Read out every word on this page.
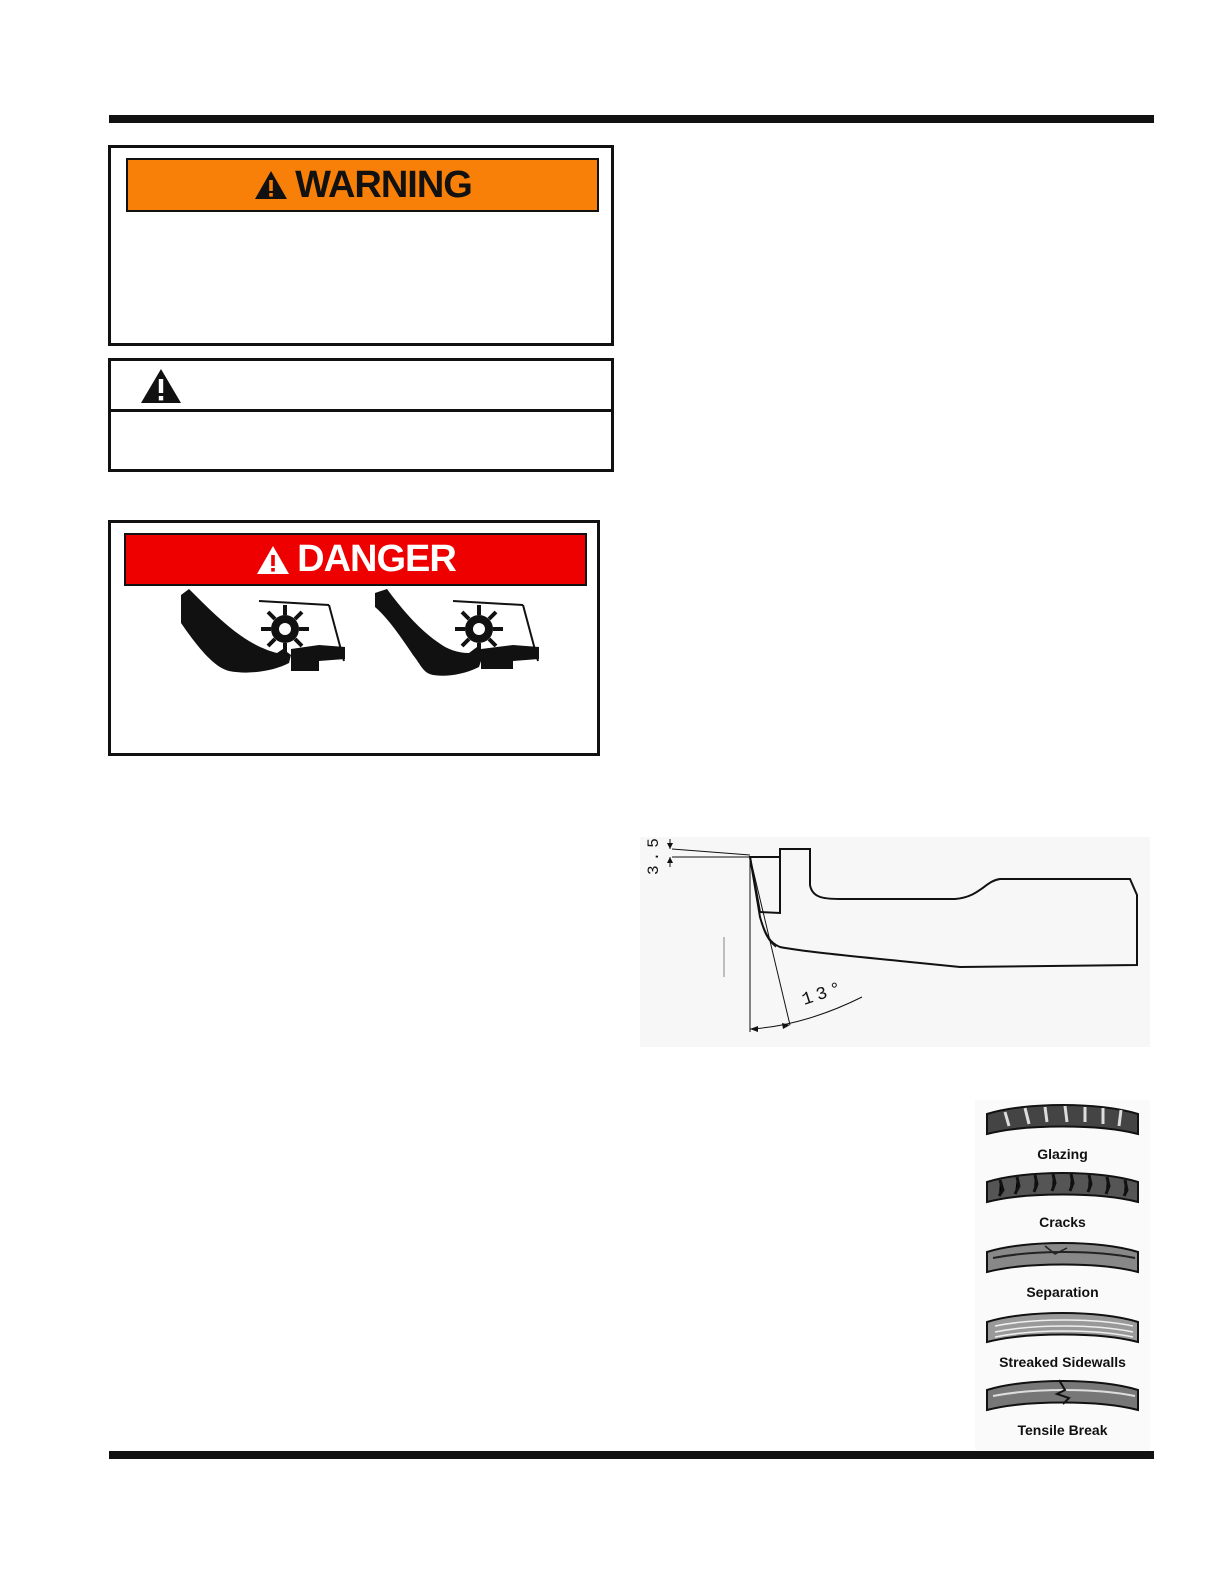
WARNING
DANGER
3.5°
13°
Glazing
Cracks
Separation
Streaked Sidewalls
Tensile Break
